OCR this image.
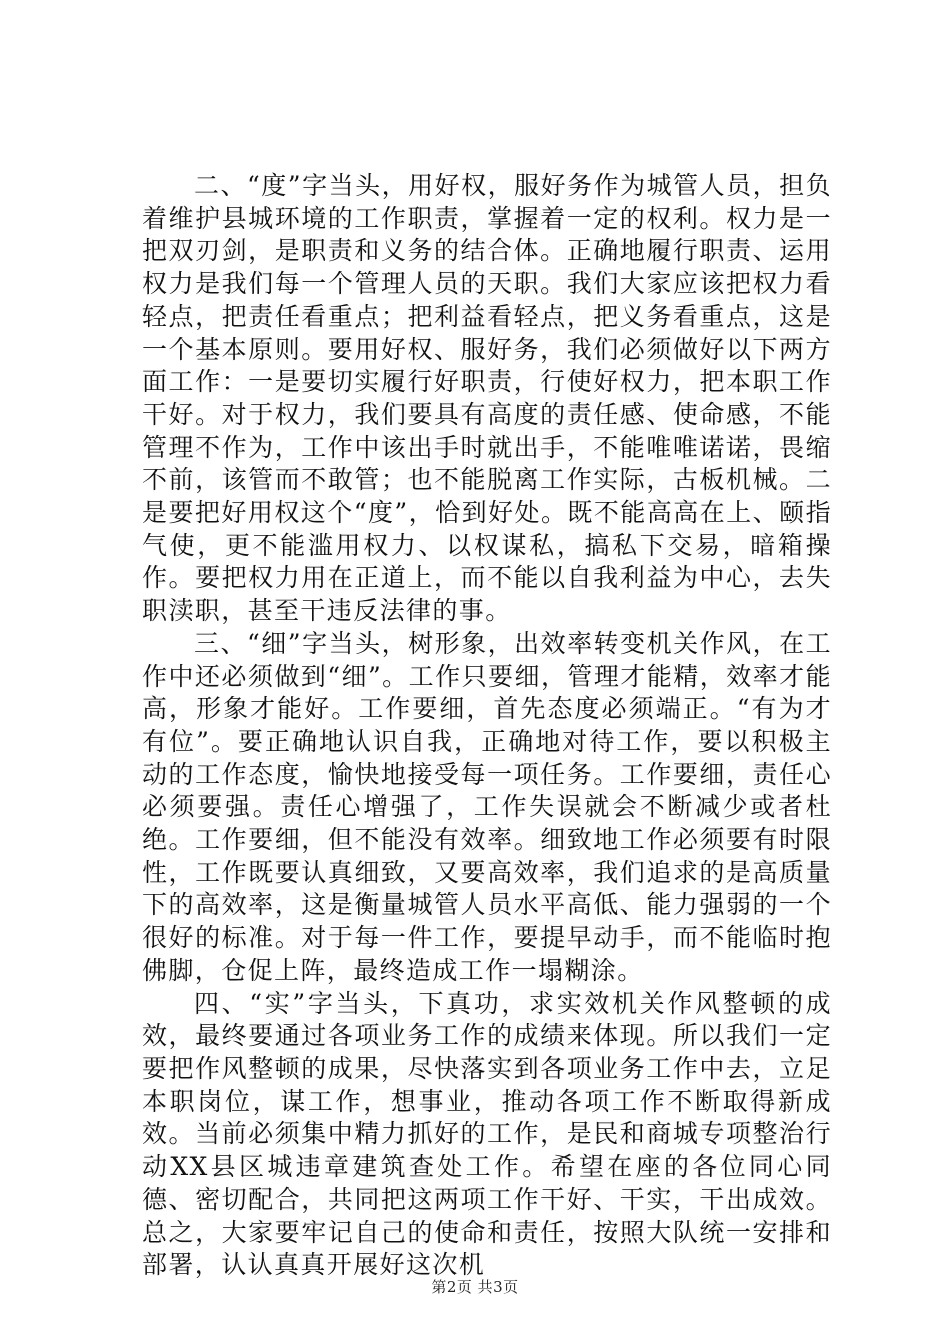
二、“度”字当头，用好权，服好务作为城管人员，担负着维护县城环境的工作职责，掌握着一定的权利。权力是一把双刃剑，是职责和义务的结合体。正确地履行职责、运用权力是我们每一个管理人员的天职。我们大家应该把权力看轻点，把责任看重点；把利益看轻点，把义务看重点，这是一个基本原则。要用好权、服好务，我们必须做好以下两方面工作：一是要切实履行好职责，行使好权力，把本职工作干好。对于权力，我们要具有高度的责任感、使命感，不能管理不作为，工作中该出手时就出手，不能唯唯诺诺，畏缩不前，该管而不敢管；也不能脱离工作实际，古板机械。二是要把好用权这个“度”，恰到好处。既不能高高在上、颐指气使，更不能滥用权力、以权谋私，搞私下交易，暗箱操作。要把权力用在正道上，而不能以自我利益为中心，去失职渎职，甚至干违反法律的事。

三、“细”字当头，树形象，出效率转变机关作风，在工作中还必须做到“细”。工作只要细，管理才能精，效率才能高，形象才能好。工作要细，首先态度必须端正。“有为才有位”。要正确地认识自我，正确地对待工作，要以积极主动的工作态度，愉快地接受每一项任务。工作要细，责任心必须要强。责任心增强了，工作失误就会不断减少或者杜绝。工作要细，但不能没有效率。细致地工作必须要有时限性，工作既要认真细致，又要高效率，我们追求的是高质量下的高效率，这是衡量城管人员水平高低、能力强弱的一个很好的标准。对于每一件工作，要提早动手，而不能临时抱佛脚，仓促上阵，最终造成工作一塌糊涂。

四、“实”字当头，下真功，求实效机关作风整顿的成效，最终要通过各项业务工作的成绩来体现。所以我们一定要把作风整顿的成果，尽快落实到各项业务工作中去，立足本职岗位，谋工作，想事业，推动各项工作不断取得新成效。当前必须集中精力抓好的工作，是民和商城专项整治行动XX县区城违章建筑查处工作。希望在座的各位同心同德、密切配合，共同把这两项工作干好、干实，干出成效。总之，大家要牢记自己的使命和责任，按照大队统一安排和部署，认认真真开展好这次机

第2页 共3页
